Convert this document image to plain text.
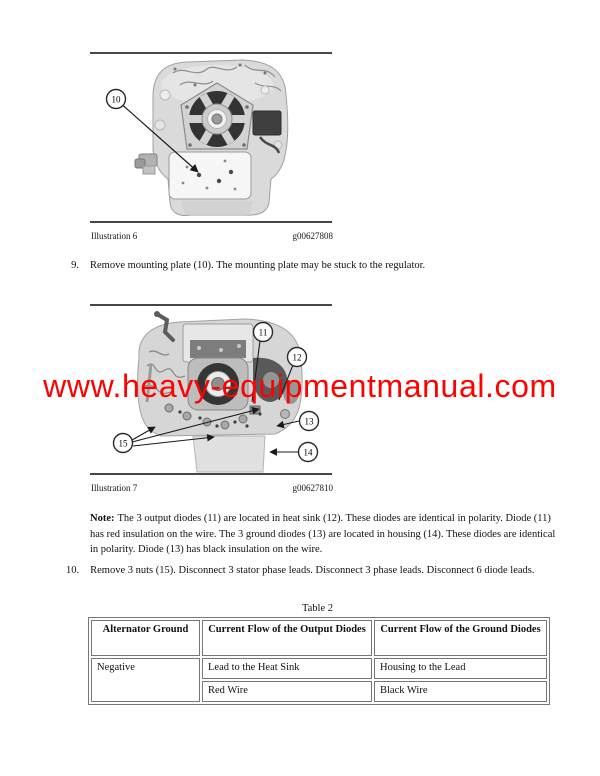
10
Illustration 6	g00627808
9. Remove mounting plate (10). The mounting plate may be stuck to the regulator.
11
12
13
14
15
Illustration 7	g00627810
Note: The 3 output diodes (11) are located in heat sink (12). These diodes are identical in polarity. Diode (11) has red insulation on the wire. The 3 ground diodes (13) are located in housing (14). These diodes are identical in polarity. Diode (13) has black insulation on the wire.
10. Remove 3 nuts (15). Disconnect 3 stator phase leads. Disconnect 3 phase leads. Disconnect 6 diode leads.
Table 2
Alternator Ground	Current Flow of the Output Diodes	Current Flow of the Ground Diodes
Negative	Lead to the Heat Sink	Housing to the Lead
	Red Wire	Black Wire
www.heavy-equipmentmanual.com
